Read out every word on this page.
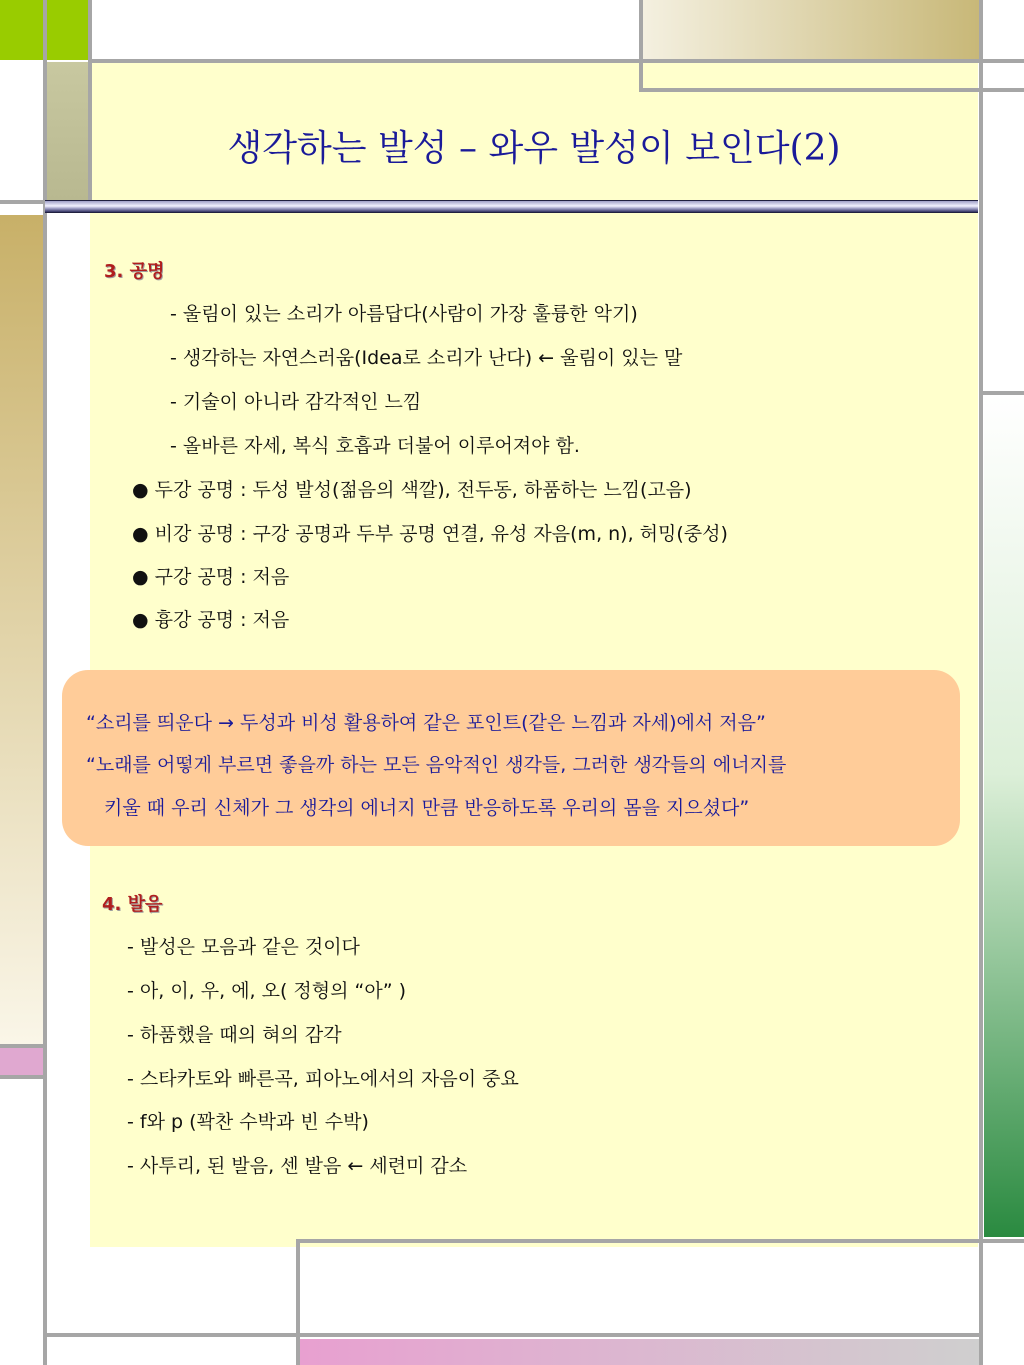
생각하는 발성 – 와우 발성이 보인다(2)

3. 공명

- 울림이 있는 소리가 아름답다(사람이 가장 훌륭한 악기)

- 생각하는 자연스러움(Idea로 소리가 난다) ← 울림이 있는 말

- 기술이 아니라 감각적인 느낌

- 올바른 자세, 복식 호흡과 더불어 이루어져야 함.

● 두강 공명 : 두성 발성(젊음의 색깔), 전두동, 하품하는 느낌(고음)

● 비강 공명 : 구강 공명과 두부 공명 연결, 유성 자음(m, n), 허밍(중성)

● 구강 공명 : 저음

● 흉강 공명 : 저음

“소리를 띄운다 → 두성과 비성 활용하여 같은 포인트(같은 느낌과 자세)에서 저음”

“노래를 어떻게 부르면 좋을까 하는 모든 음악적인 생각들, 그러한 생각들의 에너지를

키울 때 우리 신체가 그 생각의 에너지 만큼 반응하도록 우리의 몸을 지으셨다”

4. 발음

- 발성은 모음과 같은 것이다

- 아, 이, 우, 에, 오( 정형의 “아” )

- 하품했을 때의 혀의 감각

- 스타카토와 빠른곡, 피아노에서의 자음이 중요

- f와 p (꽉찬 수박과 빈 수박)

- 사투리, 된 발음, 센 발음 ← 세련미 감소
